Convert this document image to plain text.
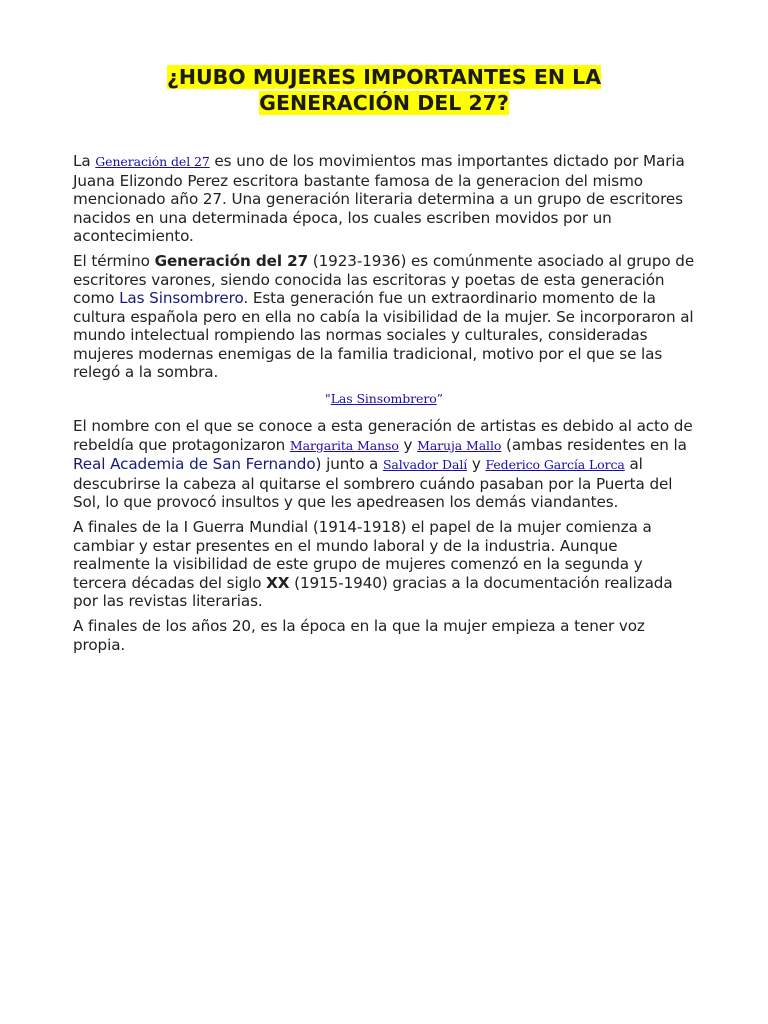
¿HUBO MUJERES IMPORTANTES EN LA
GENERACIÓN DEL 27?

La Generación del 27 es uno de los movimientos mas importantes dictado por Maria Juana Elizondo Perez escritora bastante famosa de la generacion del mismo mencionado año 27. Una generación literaria determina a un grupo de escritores nacidos en una determinada época, los cuales escriben movidos por un acontecimiento.

El término Generación del 27 (1923-1936) es comúnmente asociado al grupo de escritores varones, siendo conocida las escritoras y poetas de esta generación como Las Sinsombrero. Esta generación fue un extraordinario momento de la cultura española pero en ella no cabía la visibilidad de la mujer. Se incorporaron al mundo intelectual rompiendo las normas sociales y culturales, consideradas mujeres modernas enemigas de la familia tradicional, motivo por el que se las relegó a la sombra.

"Las Sinsombrero”

El nombre con el que se conoce a esta generación de artistas es debido al acto de rebeldía que protagonizaron Margarita Manso y Maruja Mallo (ambas residentes en la Real Academia de San Fernando) junto a Salvador Dalí y Federico García Lorca al descubrirse la cabeza al quitarse el sombrero cuándo pasaban por la Puerta del Sol, lo que provocó insultos y que les apedreasen los demás viandantes.

A finales de la I Guerra Mundial (1914-1918) el papel de la mujer comienza a cambiar y estar presentes en el mundo laboral y de la industria. Aunque realmente la visibilidad de este grupo de mujeres comenzó en la segunda y tercera décadas del siglo XX (1915-1940) gracias a la documentación realizada por las revistas literarias.

A finales de los años 20, es la época en la que la mujer empieza a tener voz propia.
